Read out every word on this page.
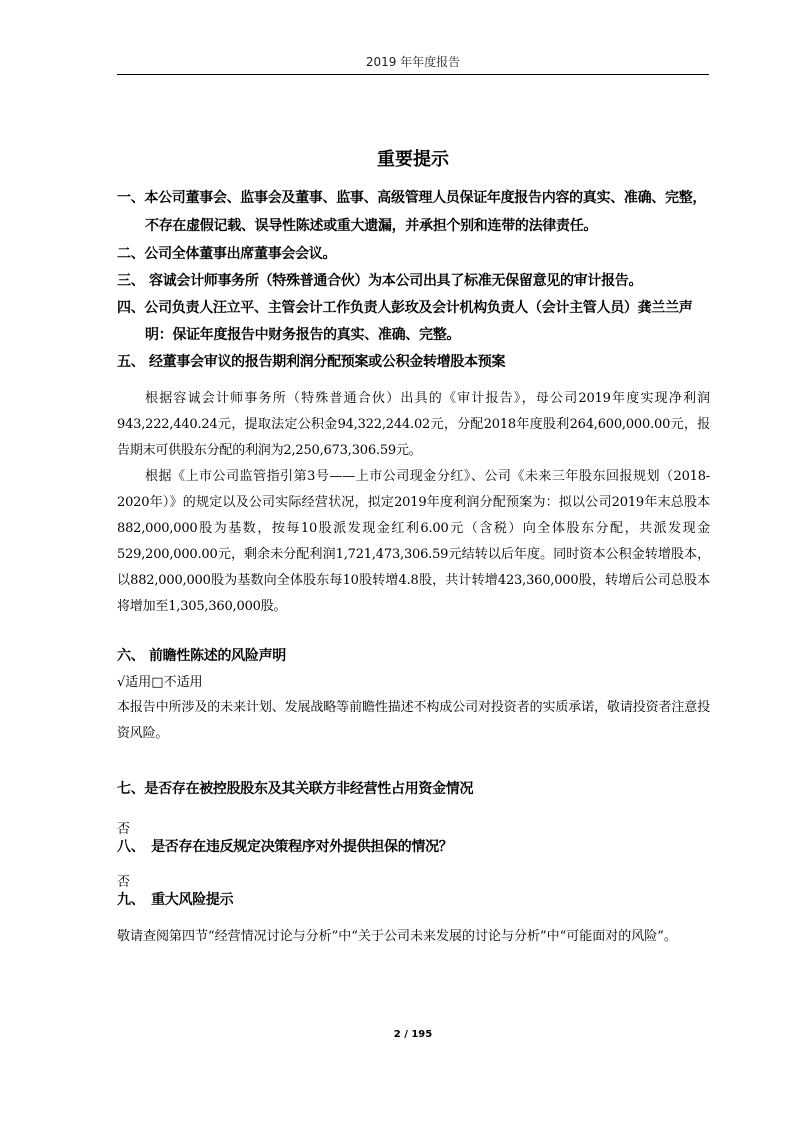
2019 年年度报告
重要提示
一、本公司董事会、监事会及董事、监事、高级管理人员保证年度报告内容的真实、准确、完整，
不存在虚假记载、误导性陈述或重大遗漏，并承担个别和连带的法律责任。
二、公司全体董事出席董事会会议。
三、 容诚会计师事务所（特殊普通合伙）为本公司出具了标准无保留意见的审计报告。
四、公司负责人汪立平、主管会计工作负责人彭玫及会计机构负责人（会计主管人员）龚兰兰声
明：保证年度报告中财务报告的真实、准确、完整。
五、 经董事会审议的报告期利润分配预案或公积金转增股本预案
根据容诚会计师事务所（特殊普通合伙）出具的《审计报告》，母公司2019年度实现净利润943,222,440.24元，提取法定公积金94,322,244.02元，分配2018年度股利264,600,000.00元，报告期末可供股东分配的利润为2,250,673,306.59元。
根据《上市公司监管指引第3号——上市公司现金分红》、公司《未来三年股东回报规划（2018-2020年）》的规定以及公司实际经营状况，拟定2019年度利润分配预案为：拟以公司2019年末总股本882,000,000股为基数，按每10股派发现金红利6.00元（含税）向全体股东分配，共派发现金529,200,000.00元，剩余未分配利润1,721,473,306.59元结转以后年度。同时资本公积金转增股本，以882,000,000股为基数向全体股东每10股转增4.8股，共计转增423,360,000股，转增后公司总股本将增加至1,305,360,000股。
六、 前瞻性陈述的风险声明
√适用□不适用
本报告中所涉及的未来计划、发展战略等前瞻性描述不构成公司对投资者的实质承诺，敬请投资者注意投资风险。
七、是否存在被控股股东及其关联方非经营性占用资金情况
否
八、　是否存在违反规定决策程序对外提供担保的情况？
否
九、　重大风险提示
敬请查阅第四节“经营情况讨论与分析”中“关于公司未来发展的讨论与分析”中“可能面对的风险”。
2 / 195
